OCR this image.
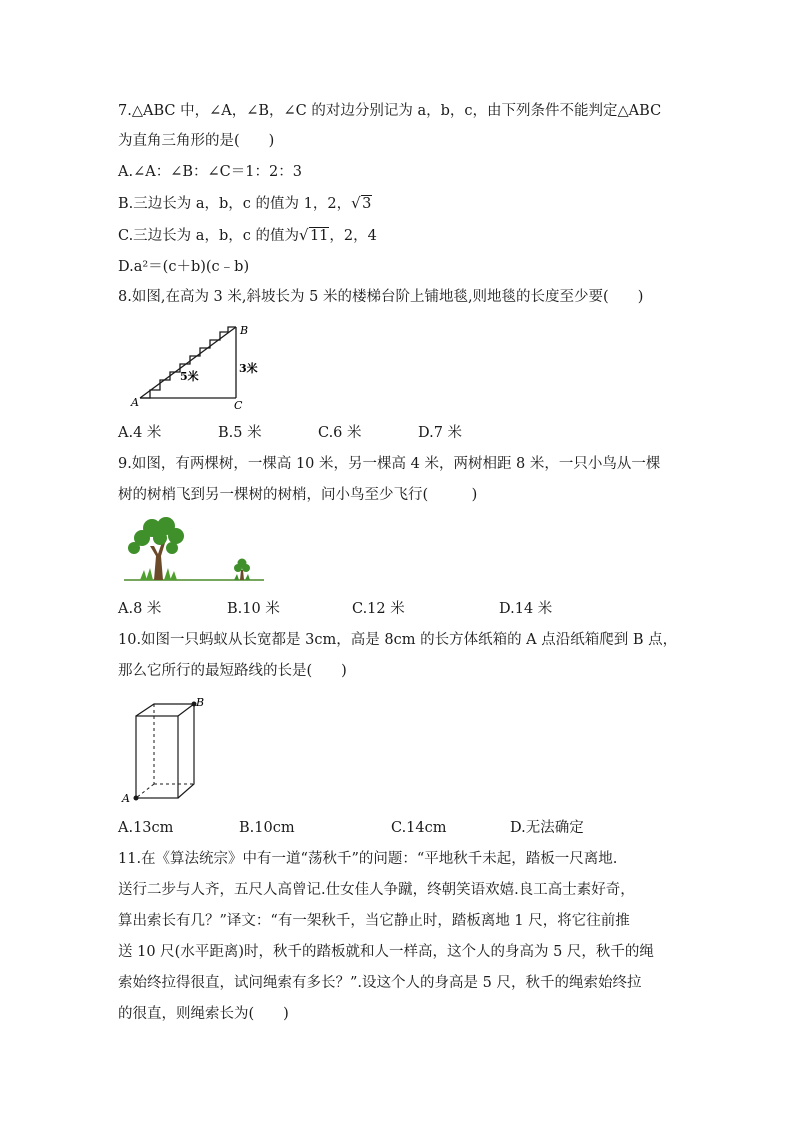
7.△ABC 中，∠A，∠B，∠C 的对边分别记为 a，b，c，由下列条件不能判定△ABC
为直角三角形的是(　　)
A.∠A：∠B：∠C＝1：2：3
B.三边长为 a，b，c 的值为 1，2， √ 3
C.三边长为 a，b，c 的值为 √ 11，2，4
D.a²＝(c＋b)(c﹣b)
8.如图,在高为 3 米,斜坡长为 5 米的楼梯台阶上铺地毯,则地毯的长度至少要(　　)
A
B
C
5米
3米
A.4 米	B.5 米	C.6 米	D.7 米
9.如图，有两棵树，一棵高 10 米，另一棵高 4 米，两树相距 8 米，一只小鸟从一棵
树的树梢飞到另一棵树的树梢，问小鸟至少飞行(　　　)
A.8 米	B.10 米	C.12 米	D.14 米
10.如图一只蚂蚁从长宽都是 3cm，高是 8cm 的长方体纸箱的 A 点沿纸箱爬到 B 点，
那么它所行的最短路线的长是(　　)
A
B
A.13cm	B.10cm	C.14cm	D.无法确定
11.在《算法统宗》中有一道“荡秋千”的问题：“平地秋千未起，踏板一尺离地.
送行二步与人齐，五尺人高曾记.仕女佳人争蹴，终朝笑语欢嬉.良工高士素好奇，
算出索长有几？”译文：“有一架秋千，当它静止时，踏板离地 1 尺，将它往前推
送 10 尺(水平距离)时，秋千的踏板就和人一样高，这个人的身高为 5 尺，秋千的绳
索始终拉得很直，试问绳索有多长？”.设这个人的身高是 5 尺，秋千的绳索始终拉
的很直，则绳索长为(　　)
